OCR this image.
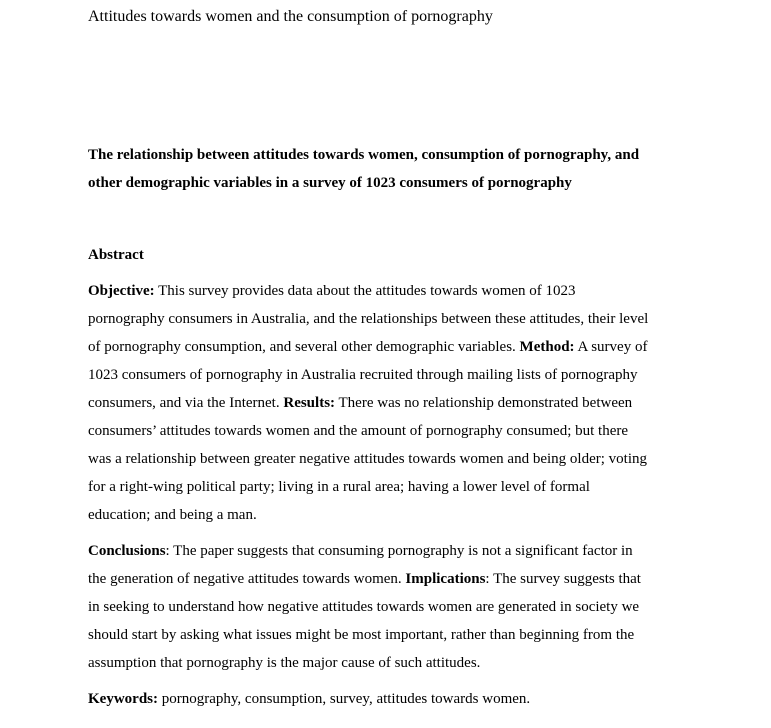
Attitudes towards women and the consumption of pornography
The relationship between attitudes towards women, consumption of pornography, and
other demographic variables in a survey of 1023 consumers of pornography
Abstract
Objective: This survey provides data about the attitudes towards women of 1023
pornography consumers in Australia, and the relationships between these attitudes, their level
of pornography consumption, and several other demographic variables. Method: A survey of
1023 consumers of pornography in Australia recruited through mailing lists of pornography
consumers, and via the Internet. Results: There was no relationship demonstrated between
consumers’ attitudes towards women and the amount of pornography consumed; but there
was a relationship between greater negative attitudes towards women and being older; voting
for a right-wing political party; living in a rural area; having a lower level of formal
education; and being a man.
Conclusions: The paper suggests that consuming pornography is not a significant factor in
the generation of negative attitudes towards women. Implications: The survey suggests that
in seeking to understand how negative attitudes towards women are generated in society we
should start by asking what issues might be most important, rather than beginning from the
assumption that pornography is the major cause of such attitudes.
Keywords: pornography, consumption, survey, attitudes towards women.
